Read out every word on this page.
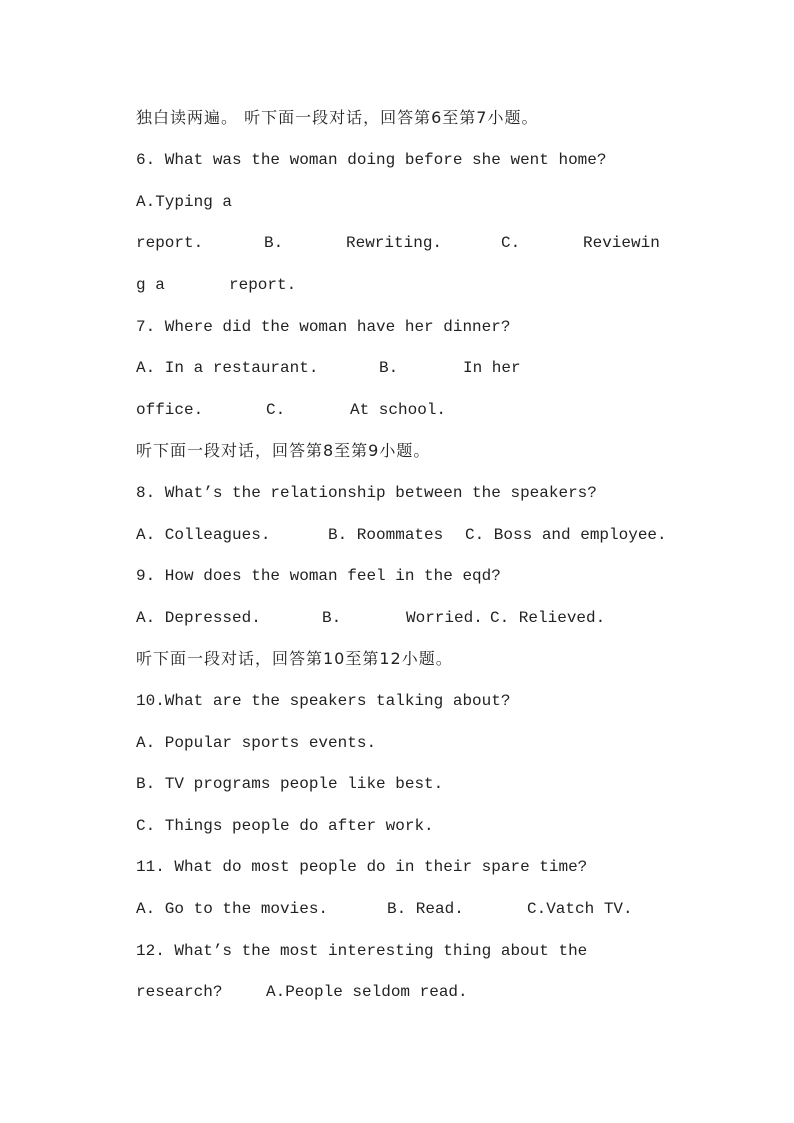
独白读两遍。 听下面一段对话，回答第6至第7小题。
6. What was the woman doing before she went home?
A.Typing a

report.

	B.

	Rewriting.

	C.

	Reviewin

g a

	report.

7. Where did the woman have her dinner?

A. In a restaurant.

	B.

	In her

office.

	C.

	At school.

听下面一段对话，回答第8至第9小题。
8. What’s the relationship between the speakers?

A. Colleagues.

	B. Roommates

C. Boss and employee.

9. How does the woman feel in the eqd?

A. Depressed.

	B.

	Worried.

C. Relieved.

听下面一段对话，回答第10至第12小题。
10.What are the speakers talking about?
A. Popular sports events.
B. TV programs people like best.
C. Things people do after work.
11. What do most people do in their spare time?

A. Go to the movies.

	B. Read.

	C.Vatch TV.

12. What’s the most interesting thing about the

research?

	A.People seldom read.
